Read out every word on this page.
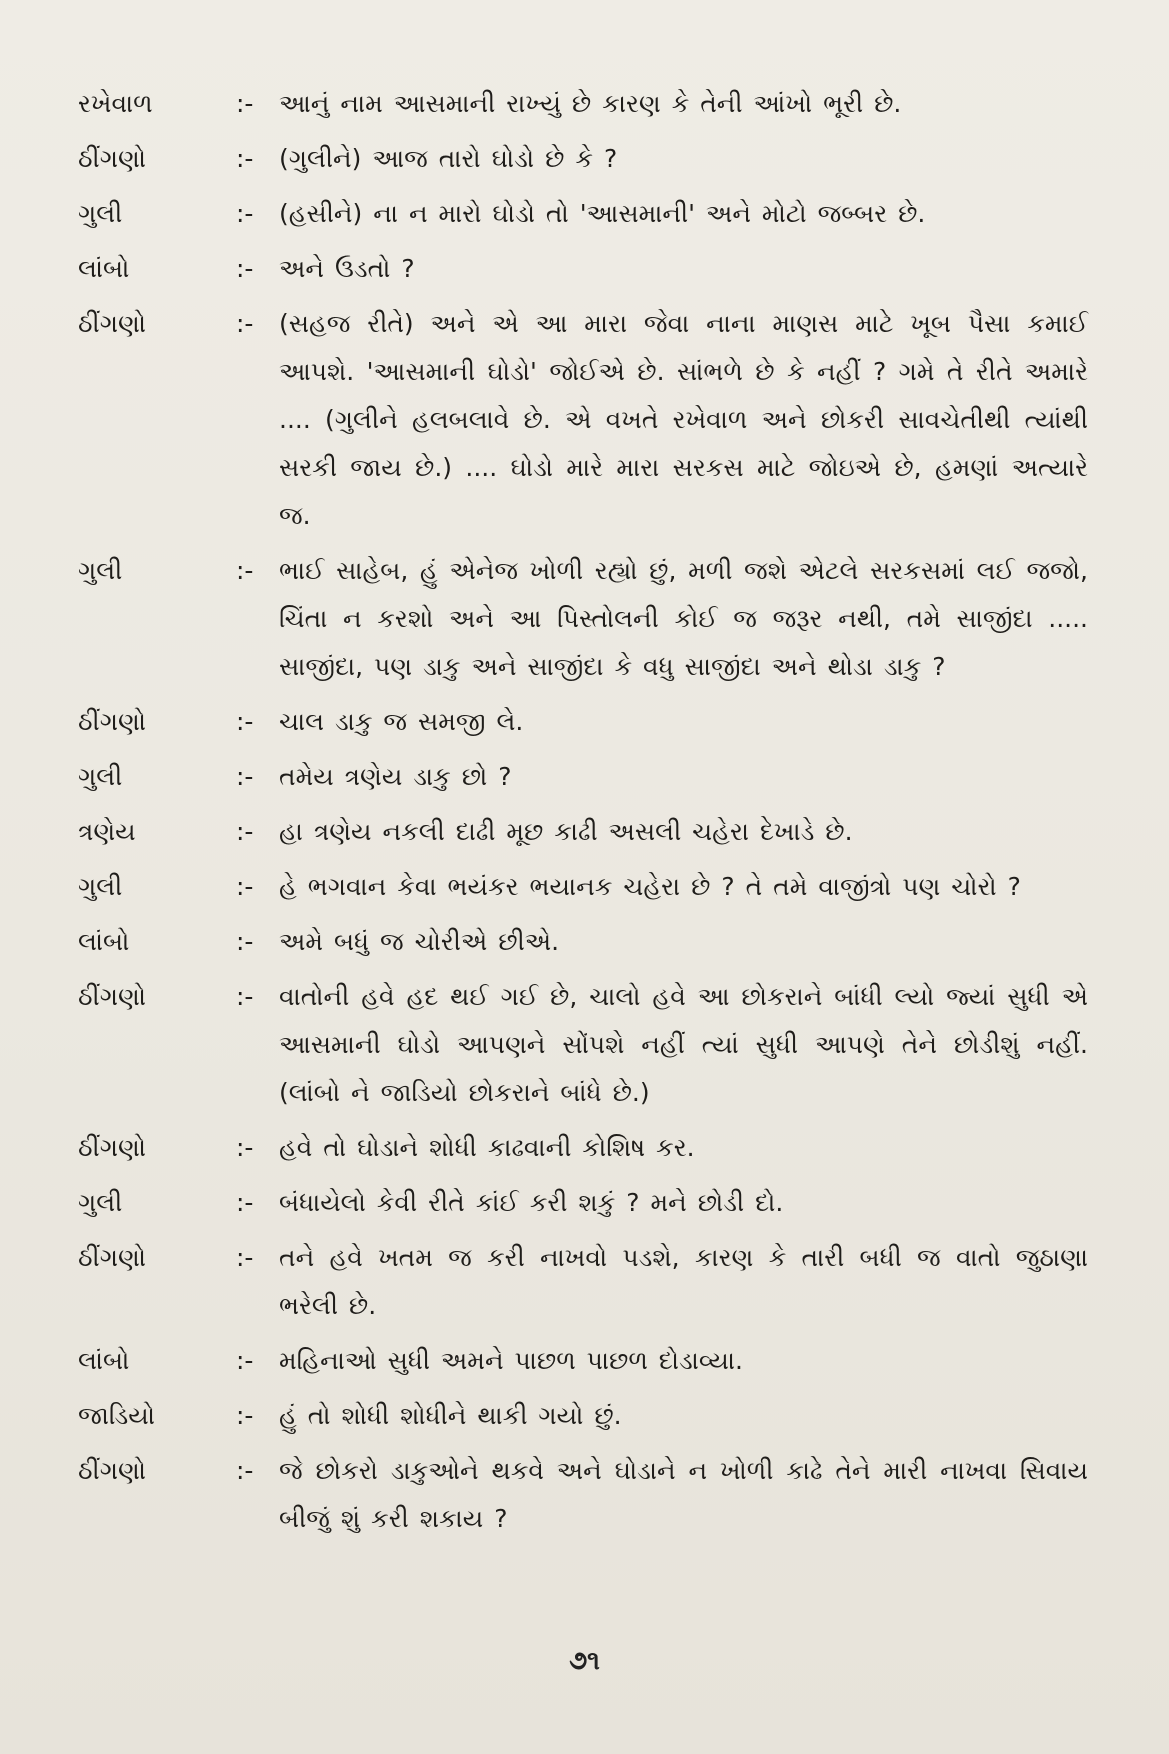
રખેવાળ	:-	આનું નામ આસમાની રાખ્યું છે કારણ કે તેની આંખો ભૂરી છે.
ઠીંગણો	:-	(ગુલીને) આજ તારો ઘોડો છે કે ?
ગુલી	:-	(હસીને) ના ન મારો ઘોડો તો 'આસમાની' અને મોટો જબ્બર છે.
લાંબો	:-	અને ઉડતો ?
ઠીંગણો	:-	(સહજ રીતે) અને એ આ મારા જેવા નાના માણસ માટે ખૂબ પૈસા કમાઈ આપશે. 'આસમાની ઘોડો' જોઈએ છે. સાંભળે છે કે નહીં ? ગમે તે રીતે અમારે .... (ગુલીને હલબલાવે છે. એ વખતે રખેવાળ અને છોકરી સાવચેતીથી ત્યાંથી સરકી જાય છે.) .... ઘોડો મારે મારા સરકસ માટે જોઇએ છે, હમણાં અત્યારે જ.
ગુલી	:-	ભાઈ સાહેબ, હું એનેજ ખોળી રહ્યો છું, મળી જશે એટલે સરકસમાં લઈ જજો, ચિંતા ન કરશો અને આ પિસ્તોલની કોઈ જ જરૂર નથી, તમે સાજીંદા ..... સાજીંદા, પણ ડાકુ અને સાજીંદા કે વધુ સાજીંદા અને થોડા ડાકુ ?
ઠીંગણો	:-	ચાલ ડાકુ જ સમજી લે.
ગુલી	:-	તમેય ત્રણેય ડાકુ છો ?
ત્રણેય	:-	હા ત્રણેય નકલી દાઢી મૂછ કાઢી અસલી ચહેરા દેખાડે છે.
ગુલી	:-	હે ભગવાન કેવા ભયંકર ભયાનક ચહેરા છે ? તે તમે વાજીંત્રો પણ ચોરો ?
લાંબો	:-	અમે બધું જ ચોરીએ છીએ.
ઠીંગણો	:-	વાતોની હવે હદ થઈ ગઈ છે, ચાલો હવે આ છોકરાને બાંધી લ્યો જ્યાં સુધી એ આસમાની ઘોડો આપણને સોંપશે નહીં ત્યાં સુધી આપણે તેને છોડીશું નહીં. (લાંબો ને જાડિયો છોકરાને બાંધે છે.)
ઠીંગણો	:-	હવે તો ઘોડાને શોધી કાઢવાની કોશિષ કર.
ગુલી	:-	બંધાયેલો કેવી રીતે કાંઈ કરી શકું ? મને છોડી દો.
ઠીંગણો	:-	તને હવે ખતમ જ કરી નાખવો પડશે, કારણ કે તારી બધી જ વાતો જુઠાણા ભરેલી છે.
લાંબો	:-	મહિનાઓ સુધી અમને પાછળ પાછળ દોડાવ્યા.
જાડિયો	:-	હું તો શોધી શોધીને થાકી ગયો છું.
ઠીંગણો	:-	જે છોકરો ડાકુઓને થકવે અને ઘોડાને ન ખોળી કાઢે તેને મારી નાખવા સિવાય બીજું શું કરી શકાય ?
૭૧
